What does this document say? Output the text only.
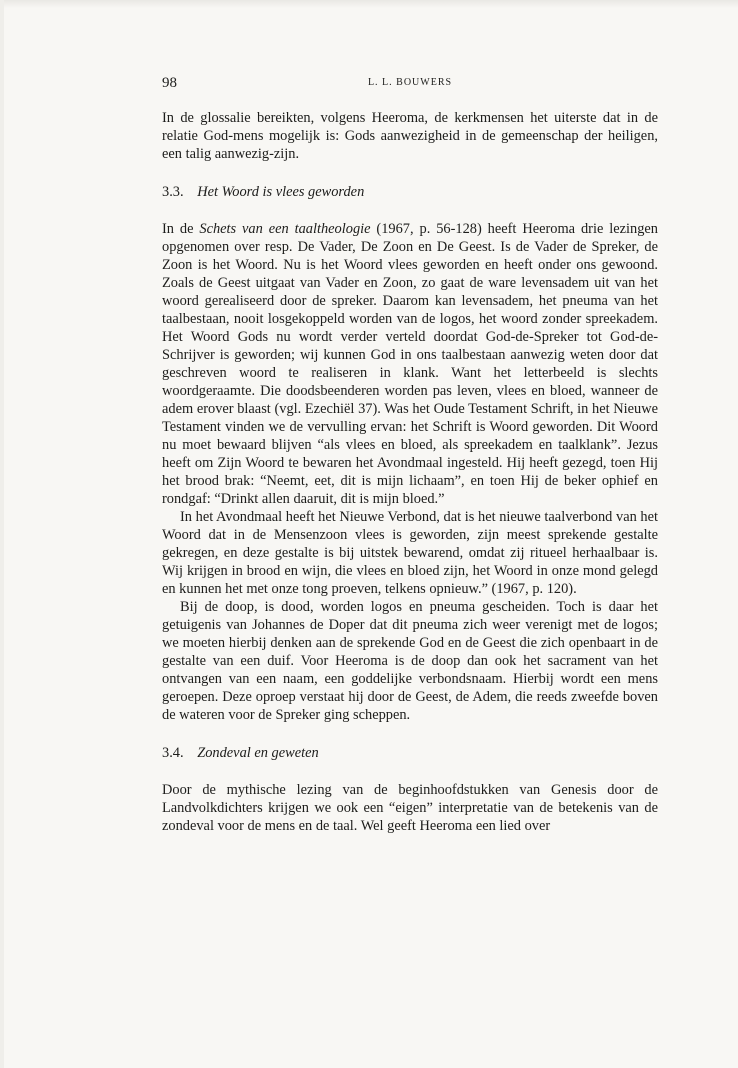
98	L. L. BOUWERS

In de glossalie bereikten, volgens Heeroma, de kerkmensen het uiterste dat in de relatie God-mens mogelijk is: Gods aanwezigheid in de gemeenschap der heiligen, een talig aanwezig-zijn.

3.3. Het Woord is vlees geworden

In de Schets van een taaltheologie (1967, p. 56-128) heeft Heeroma drie lezingen opgenomen over resp. De Vader, De Zoon en De Geest. Is de Vader de Spreker, de Zoon is het Woord. Nu is het Woord vlees geworden en heeft onder ons gewoond. Zoals de Geest uitgaat van Vader en Zoon, zo gaat de ware levensadem uit van het woord gerealiseerd door de spreker. Daarom kan levensadem, het pneuma van het taalbestaan, nooit losgekoppeld worden van de logos, het woord zonder spreekadem. Het Woord Gods nu wordt verder verteld doordat God-de-Spreker tot God-de-Schrijver is geworden; wij kunnen God in ons taalbestaan aanwezig weten door dat geschreven woord te realiseren in klank. Want het letterbeeld is slechts woordgeraamte. Die doodsbeenderen worden pas leven, vlees en bloed, wanneer de adem erover blaast (vgl. Ezechiël 37). Was het Oude Testament Schrift, in het Nieuwe Testament vinden we de vervulling ervan: het Schrift is Woord geworden. Dit Woord nu moet bewaard blijven “als vlees en bloed, als spreekadem en taalklank”. Jezus heeft om Zijn Woord te bewaren het Avondmaal ingesteld. Hij heeft gezegd, toen Hij het brood brak: “Neemt, eet, dit is mijn lichaam”, en toen Hij de beker ophief en rondgaf: “Drinkt allen daaruit, dit is mijn bloed.”

In het Avondmaal heeft het Nieuwe Verbond, dat is het nieuwe taalverbond van het Woord dat in de Mensenzoon vlees is geworden, zijn meest sprekende gestalte gekregen, en deze gestalte is bij uitstek bewarend, omdat zij ritueel herhaalbaar is. Wij krijgen in brood en wijn, die vlees en bloed zijn, het Woord in onze mond gelegd en kunnen het met onze tong proeven, telkens opnieuw.” (1967, p. 120).

Bij de doop, is dood, worden logos en pneuma gescheiden. Toch is daar het getuigenis van Johannes de Doper dat dit pneuma zich weer verenigt met de logos; we moeten hierbij denken aan de sprekende God en de Geest die zich openbaart in de gestalte van een duif. Voor Heeroma is de doop dan ook het sacrament van het ontvangen van een naam, een goddelijke verbondsnaam. Hierbij wordt een mens geroepen. Deze oproep verstaat hij door de Geest, de Adem, die reeds zweefde boven de wateren voor de Spreker ging scheppen.

3.4. Zondeval en geweten

Door de mythische lezing van de beginhoofdstukken van Genesis door de Landvolkdichters krijgen we ook een “eigen” interpretatie van de betekenis van de zondeval voor de mens en de taal. Wel geeft Heeroma een lied over
